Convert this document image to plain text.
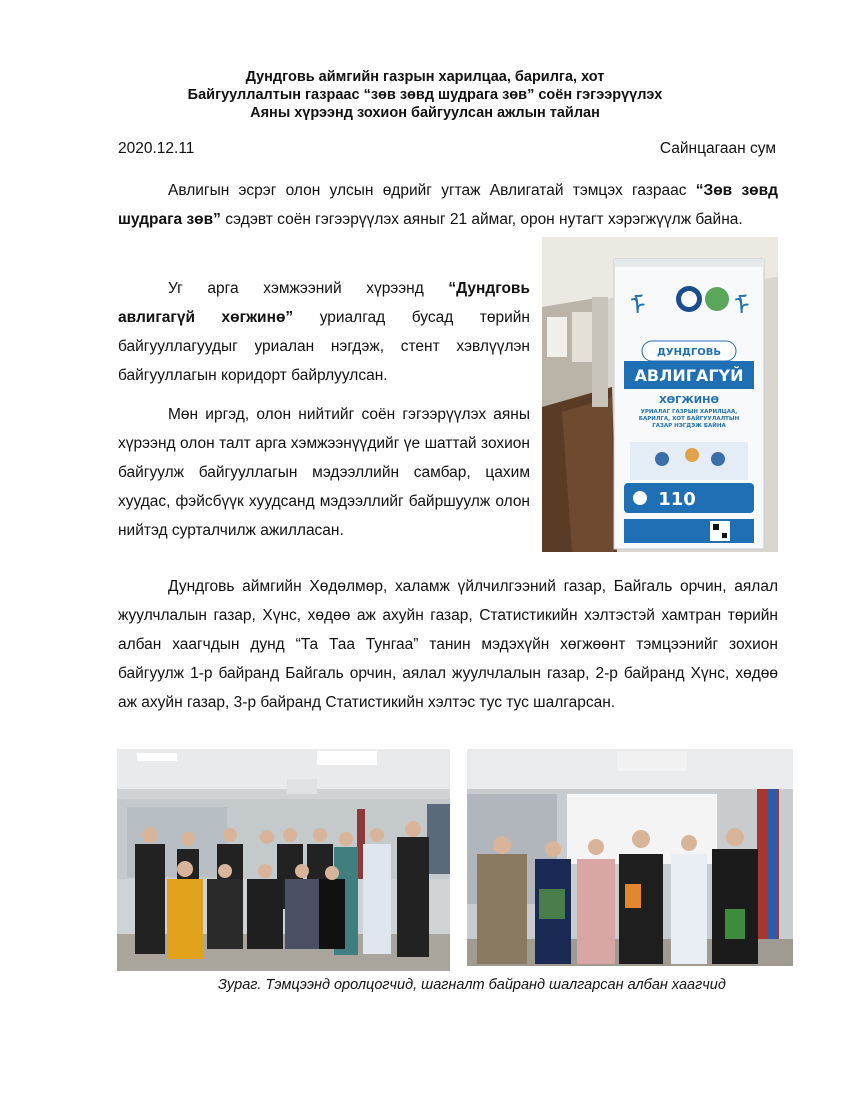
Дундговь аймгийн газрын харилцаа, барилга, хот
Байгууллалтын газраас “зөв зөвд шудрага зөв” соён гэгээрүүлэх
Аяны хүрээнд зохион байгуулсан ажлын тайлан
2020.12.11	Сайнцагаан сум

Авлигын эсрэг олон улсын өдрийг угтаж Авлигатай тэмцэх газраас “Зөв зөвд шудрага зөв” сэдэвт соён гэгээрүүлэх аяныг 21 аймаг, орон нутагт хэрэгжүүлж байна.

Уг арга хэмжээний хүрээнд “Дундговь авлигагүй хөгжинө” уриалгад бусад төрийн байгууллагуудыг уриалан нэгдэж, стент хэвлүүлэн байгууллагын коридорт байрлуулсан.

Мөн иргэд, олон нийтийг соён гэгээрүүлэх аяны хүрээнд олон талт арга хэмжээнүүдийг үе шаттай зохион байгуулж байгууллагын мэдээллийн самбар, цахим хуудас, фэйсбүүк хуудсанд мэдээллийг байршуулж олон нийтэд сурталчилж ажилласан.

Дундговь аймгийн Хөдөлмөр, халамж үйлчилгээний газар, Байгаль орчин, аялал жуулчлалын газар, Хүнс, хөдөө аж ахуйн газар, Статистикийн хэлтэстэй хамтран төрийн албан хаагчдын дунд “Та Таа Тунгаа” танин мэдэхүйн хөгжөөнт тэмцээнийг зохион байгуулж 1-р байранд Байгаль орчин, аялал жуулчлалын газар, 2-р байранд Хүнс, хөдөө аж ахуйн газар, 3-р байранд Статистикийн хэлтэс тус тус шалгарсан.

ᠮ	ᠮ
ДУНДГОВЬ
АВЛИГАГҮЙ
ХӨГЖИНӨ
УРИАЛАГ ГАЗРЫН ХАРИЛЦАА, БАРИЛГА, ХОТ БАЙГУУЛАЛТЫН ГАЗАР НЭГДЭЖ БАЙНА
110
Зураг. Тэмцээнд оролцогчид, шагналт байранд шалгарсан албан хаагчид
